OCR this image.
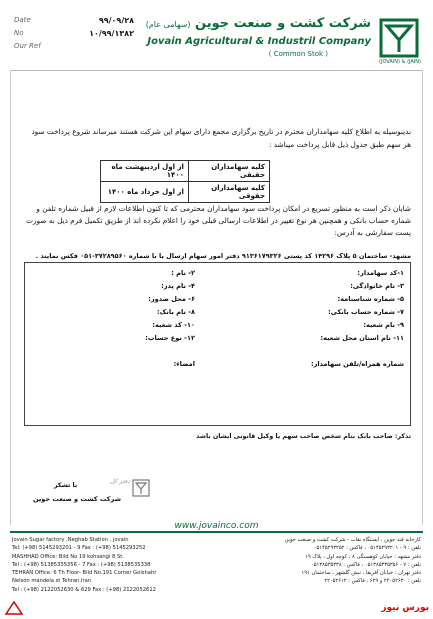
Date	۹۹/۰۹/۲۸
No	۱۰/۹۹/۱۳۸۲
Our Ref
شرکت کشت و صنعت جوین (سهامی عام)
Jovain Agricultural & Industril Company
( Common Stok )
(JOVAIN) & (JAIN)
بدینوسیله به اطلاع کلیه سهامداران محترم در تاریخ برگزاری مجمع دارای سهام این شرکت هستند میرساند شروع پرداخت سود هر سهم طبق جدول ذیل قابل پرداخت میباشد :
کلیه سهامداران حقیقی	از اول اردیبهشت ماه ۱۴۰۰
کلیه سهامداران حقوقی	از اول خرداد ماه ۱۴۰۰
شایان ذکر است به منظور تسریع در امکان پرداخت سود سهامداران محترمی که تا کنون اطلاعات لازم از قبیل شماره تلفن و شماره حساب بانکی و همچنین هر نوع تغییر در اطلاعات ارسالی قبلی خود را اعلام نکرده اند از طریق تکمیل فرم ذیل به صورت پست سفارشی به آدرس:
مشهد- ساختمان ۵ پلاک ۱۴۲۹۶ کد پستی ۹۱۳۶۱۷۹۳۲۶ دفتر امور سهام ارسال یا با شماره ۳۷۲۸۹۵۶۰-۰۵۱ فکس نمایند .
۱-کد سهامدار:
۲- نام :
۳- نام خانوادگی:
۴- نام پدر:
۵- شماره شناسنامه:
۶- محل صدور:
۷- شماره حساب بانکی:
۸- نام بانک:
۹- نام شعبه:
۱۰- کد شعبه:
۱۱- نام استان محل شعبه:
۱۲- نوع حساب:
شماره همراه/تلفن سهامدار:
امضاء:
تذکر: صاحب بانک بنام شخص صاحب سهم یا وکیل قانونی ایشان باشد
با تشکر
شرکت کشت و صنعت جوین
دفتر کل
www.jovainco.com
Jovain Sugar factory ,Neghab Station , jovain
Tel: (+98) 5145293201 - 9 Fax : (+98) 5145293252
MASHHAD Office: Bild No 19 kohsangi 8 St.
Tel : (+98) 51385335356 - 7 Fax : (+98) 5138535338
TEHRAN Office: 6 Th Floor- Bild No.191 Corner Golshahr
Nelson mandela st Tehran.Iran
Tel : (+98) 2122052630 & 629 Fax : (+98) 2122052612
کارخانه قند جوین ، ایستگاه نقاب - شرکت کشت و صنعت جوین
تلفن : ۹ - ۰۵۱۴۵۲۹۳۲۰۱ ، فاکس : ۰۵۱۴۵۲۹۳۲۵۲
دفتر مشهد : خیابان کوهسنگی ۸ ، کوچه اول ، پلاک ۱۹
تلفن : ۷ - ۰۵۱۳۸۵۳۳۵۳۵۶ ، فاکس : ۰۵۱۳۸۵۳۵۳۳۸
دفتر تهران : خیابان آفریقا ، نبش گلشهر ، ساختمان ۱۹۱
تلفن : ۲۲۰۵۲۶۳۰ و ۶۲۹ ، فاکس : ۲۲۰۵۲۶۱۲
بورس نیوز
